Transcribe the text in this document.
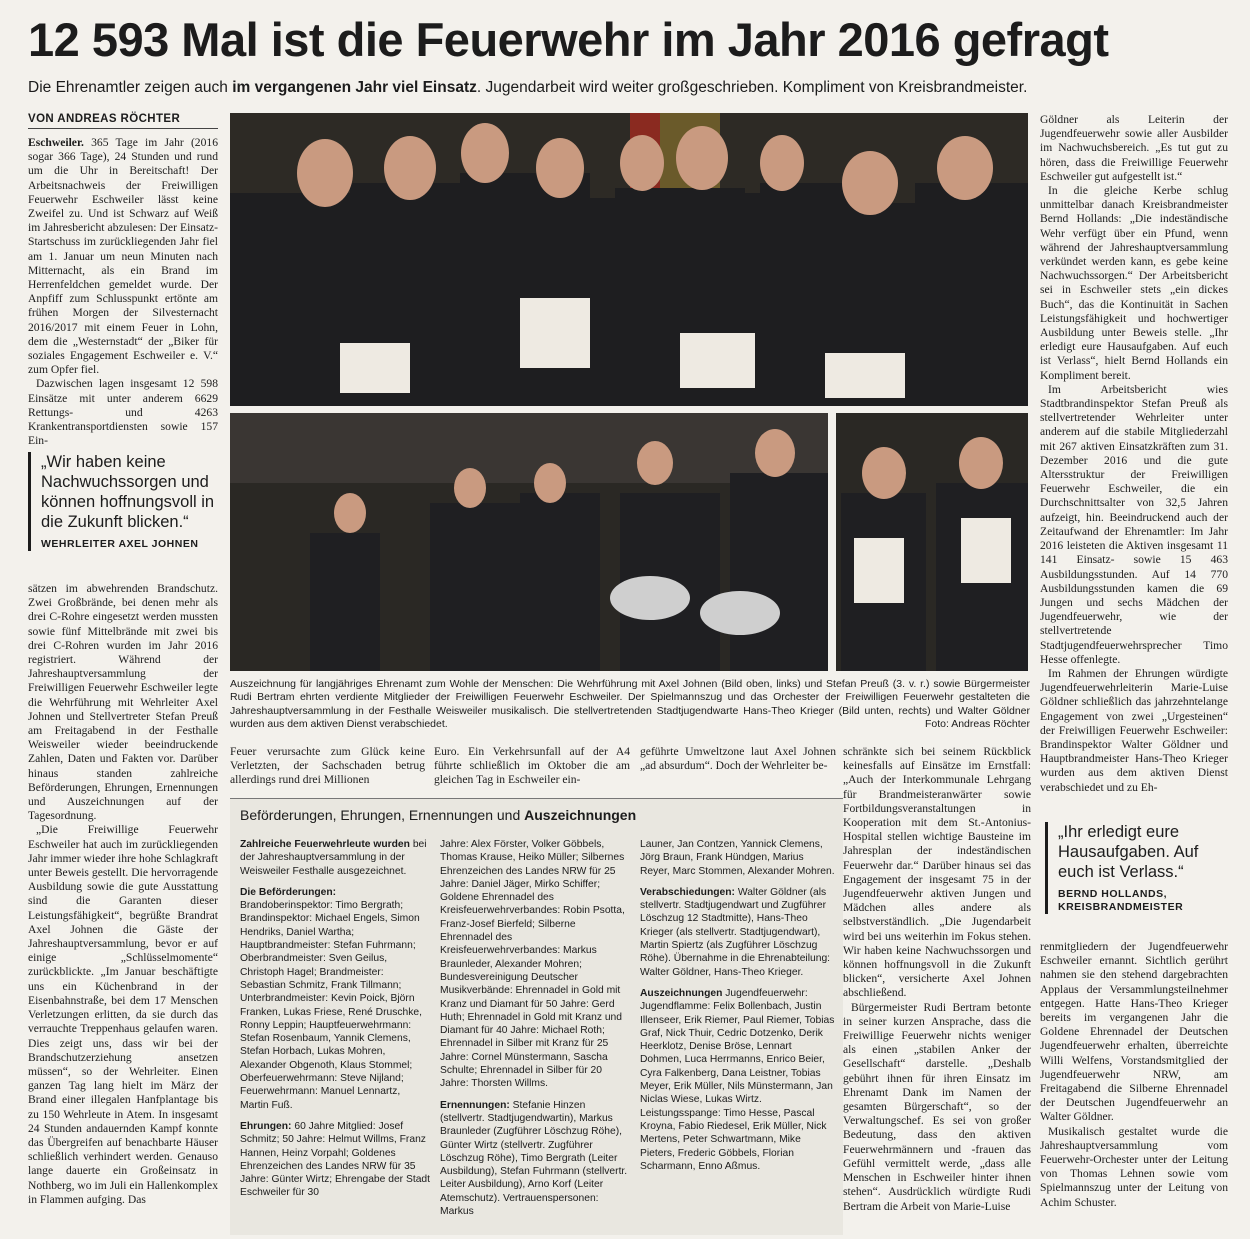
12 593 Mal ist die Feuerwehr im Jahr 2016 gefragt
Die Ehrenamtler zeigen auch im vergangenen Jahr viel Einsatz. Jugendarbeit wird weiter großgeschrieben. Kompliment von Kreisbrandmeister.
VON ANDREAS RÖCHTER

Eschweiler. 365 Tage im Jahr (2016 sogar 366 Tage), 24 Stunden und rund um die Uhr in Bereitschaft! Der Arbeitsnachweis der Freiwilligen Feuerwehr Eschweiler lässt keine Zweifel zu. Und ist Schwarz auf Weiß im Jahresbericht abzulesen: Der Einsatz-Startschuss im zurückliegenden Jahr fiel am 1. Januar um neun Minuten nach Mitternacht, als ein Brand im Herrenfeldchen gemeldet wurde. Der Anpfiff zum Schlusspunkt ertönte am frühen Morgen der Silvesternacht 2016/2017 mit einem Feuer in Lohn, dem die „Westernstadt“ der „Biker für soziales Engagement Eschweiler e. V.“ zum Opfer fiel.

Dazwischen lagen insgesamt 12 598 Einsätze mit unter anderem 6629 Rettungs- und 4263 Krankentransportdiensten sowie 157 Ein-

„Wir haben keine Nachwuchssorgen und können hoffnungsvoll in die Zukunft blicken.“
WEHRLEITER AXEL JOHNEN

sätzen im abwehrenden Brandschutz. Zwei Großbrände, bei denen mehr als drei C-Rohre eingesetzt werden mussten sowie fünf Mittelbrände mit zwei bis drei C-Rohren wurden im Jahr 2016 registriert. Während der Jahreshauptversammlung der Freiwilligen Feuerwehr Eschweiler legte die Wehrführung mit Wehrleiter Axel Johnen und Stellvertreter Stefan Preuß am Freitagabend in der Festhalle Weisweiler wieder beeindruckende Zahlen, Daten und Fakten vor. Darüber hinaus standen zahlreiche Beförderungen, Ehrungen, Ernennungen und Auszeichnungen auf der Tagesordnung.

„Die Freiwillige Feuerwehr Eschweiler hat auch im zurückliegenden Jahr immer wieder ihre hohe Schlagkraft unter Beweis gestellt. Die hervorragende Ausbildung sowie die gute Ausstattung sind die Garanten dieser Leistungsfähigkeit“, begrüßte Brandrat Axel Johnen die Gäste der Jahreshauptversammlung, bevor er auf einige „Schlüsselmomente“ zurückblickte. „Im Januar beschäftigte uns ein Küchenbrand in der Eisenbahnstraße, bei dem 17 Menschen Verletzungen erlitten, da sie durch das verrauchte Treppenhaus gelaufen waren. Dies zeigt uns, dass wir bei der Brandschutzerziehung ansetzen müssen“, so der Wehrleiter. Einen ganzen Tag lang hielt im März der Brand einer illegalen Hanfplantage bis zu 150 Wehrleute in Atem. In insgesamt 24 Stunden andauernden Kampf konnte das Übergreifen auf benachbarte Häuser schließlich verhindert werden. Genauso lange dauerte ein Großeinsatz in Nothberg, wo im Juli ein Hallenkomplex in Flammen aufging. Das

Auszeichnung für langjähriges Ehrenamt zum Wohle der Menschen: Die Wehrführung mit Axel Johnen (Bild oben, links) und Stefan Preuß (3. v. r.) sowie Bürgermeister Rudi Bertram ehrten verdiente Mitglieder der Freiwilligen Feuerwehr Eschweiler. Der Spielmannszug und das Orchester der Freiwilligen Feuerwehr gestalteten die Jahreshauptversammlung in der Festhalle Weisweiler musikalisch. Die stellvertretenden Stadtjugendwarte Hans-Theo Krieger (Bild unten, rechts) und Walter Göldner wurden aus dem aktiven Dienst verabschiedet.	Foto: Andreas Röchter
Feuer verursachte zum Glück keine Verletzten, der Sachschaden betrug allerdings rund drei Millionen
Euro. Ein Verkehrsunfall auf der A4 führte schließlich im Oktober die am gleichen Tag in Eschweiler ein-
geführte Umweltzone laut Axel Johnen „ad absurdum“. Doch der Wehrleiter be-
Beförderungen, Ehrungen, Ernennungen und Auszeichnungen

Zahlreiche Feuerwehrleute wurden bei der Jahreshauptversammlung in der Weisweiler Festhalle ausgezeichnet.

Die Beförderungen: Brandoberinspektor: Timo Bergrath; Brandinspektor: Michael Engels, Simon Hendriks, Daniel Wartha; Hauptbrandmeister: Stefan Fuhrmann; Oberbrandmeister: Sven Geilus, Christoph Hagel; Brandmeister: Sebastian Schmitz, Frank Tillmann; Unterbrandmeister: Kevin Poick, Björn Franken, Lukas Friese, René Druschke, Ronny Leppin; Hauptfeuerwehrmann: Stefan Rosenbaum, Yannik Clemens, Stefan Horbach, Lukas Mohren, Alexander Obgenoth, Klaus Stommel; Oberfeuerwehrmann: Steve Nijland; Feuerwehrmann: Manuel Lennartz, Martin Fuß.

Ehrungen: 60 Jahre Mitglied: Josef Schmitz; 50 Jahre: Helmut Willms, Franz Hannen, Heinz Vorpahl; Goldenes Ehrenzeichen des Landes NRW für 35 Jahre: Günter Wirtz; Ehrengabe der Stadt Eschweiler für 30

Jahre: Alex Förster, Volker Göbbels, Thomas Krause, Heiko Müller; Silbernes Ehrenzeichen des Landes NRW für 25 Jahre: Daniel Jäger, Mirko Schiffer; Goldene Ehrennadel des Kreisfeuerwehrverbandes: Robin Psotta, Franz-Josef Bierfeld; Silberne Ehrennadel des Kreisfeuerwehrverbandes: Markus Braunleder, Alexander Mohren; Bundesvereinigung Deutscher Musikverbände: Ehrennadel in Gold mit Kranz und Diamant für 50 Jahre: Gerd Huth; Ehrennadel in Gold mit Kranz und Diamant für 40 Jahre: Michael Roth; Ehrennadel in Silber mit Kranz für 25 Jahre: Cornel Münstermann, Sascha Schulte; Ehrennadel in Silber für 20 Jahre: Thorsten Willms.

Ernennungen: Stefanie Hinzen (stellvertr. Stadtjugendwartin), Markus Braunleder (Zugführer Löschzug Röhe), Günter Wirtz (stellvertr. Zugführer Löschzug Röhe), Timo Bergrath (Leiter Ausbildung), Stefan Fuhrmann (stellvertr. Leiter Ausbildung), Arno Korf (Leiter Atemschutz). Vertrauenspersonen: Markus

Launer, Jan Contzen, Yannick Clemens, Jörg Braun, Frank Hündgen, Marius Reyer, Marc Stommen, Alexander Mohren.

Verabschiedungen: Walter Göldner (als stellvertr. Stadtjugendwart und Zugführer Löschzug 12 Stadtmitte), Hans-Theo Krieger (als stellvertr. Stadtjugendwart), Martin Spiertz (als Zugführer Löschzug Röhe). Übernahme in die Ehrenabteilung: Walter Göldner, Hans-Theo Krieger.

Auszeichnungen Jugendfeuerwehr: Jugendflamme: Felix Bollenbach, Justin Illenseer, Erik Riemer, Paul Riemer, Tobias Graf, Nick Thuir, Cedric Dotzenko, Derik Heerklotz, Denise Bröse, Lennart Dohmen, Luca Herrmanns, Enrico Beier, Cyra Falkenberg, Dana Leistner, Tobias Meyer, Erik Müller, Nils Münstermann, Jan Niclas Wiese, Lukas Wirtz. Leistungsspange: Timo Hesse, Pascal Kroyna, Fabio Riedesel, Erik Müller, Nick Mertens, Peter Schwartmann, Mike Pieters, Frederic Göbbels, Florian Scharmann, Enno Aßmus.

schränkte sich bei seinem Rückblick keinesfalls auf Einsätze im Ernstfall: „Auch der Interkommunale Lehrgang für Brandmeisteranwärter sowie Fortbildungsveranstaltungen in Kooperation mit dem St.-Antonius-Hospital stellen wichtige Bausteine im Jahresplan der indeständischen Feuerwehr dar.“ Darüber hinaus sei das Engagement der insgesamt 75 in der Jugendfeuerwehr aktiven Jungen und Mädchen alles andere als selbstverständlich. „Die Jugendarbeit wird bei uns weiterhin im Fokus stehen. Wir haben keine Nachwuchssorgen und können hoffnungsvoll in die Zukunft blicken“, versicherte Axel Johnen abschließend.

Bürgermeister Rudi Bertram betonte in seiner kurzen Ansprache, dass die Freiwillige Feuerwehr nichts weniger als einen „stabilen Anker der Gesellschaft“ darstelle. „Deshalb gebührt ihnen für ihren Einsatz im Ehrenamt Dank im Namen der gesamten Bürgerschaft“, so der Verwaltungschef. Es sei von großer Bedeutung, dass den aktiven Feuerwehrmännern und -frauen das Gefühl vermittelt werde, „dass alle Menschen in Eschweiler hinter ihnen stehen“. Ausdrücklich würdigte Rudi Bertram die Arbeit von Marie-Luise

Göldner als Leiterin der Jugendfeuerwehr sowie aller Ausbilder im Nachwuchsbereich. „Es tut gut zu hören, dass die Freiwillige Feuerwehr Eschweiler gut aufgestellt ist.“

In die gleiche Kerbe schlug unmittelbar danach Kreisbrandmeister Bernd Hollands: „Die indeständische Wehr verfügt über ein Pfund, wenn während der Jahreshauptversammlung verkündet werden kann, es gebe keine Nachwuchssorgen.“ Der Arbeitsbericht sei in Eschweiler stets „ein dickes Buch“, das die Kontinuität in Sachen Leistungsfähigkeit und hochwertiger Ausbildung unter Beweis stelle. „Ihr erledigt eure Hausaufgaben. Auf euch ist Verlass“, hielt Bernd Hollands ein Kompliment bereit.

Im Arbeitsbericht wies Stadtbrandinspektor Stefan Preuß als stellvertretender Wehrleiter unter anderem auf die stabile Mitgliederzahl mit 267 aktiven Einsatzkräften zum 31. Dezember 2016 und die gute Altersstruktur der Freiwilligen Feuerwehr Eschweiler, die ein Durchschnittsalter von 32,5 Jahren aufzeigt, hin. Beeindruckend auch der Zeitaufwand der Ehrenamtler: Im Jahr 2016 leisteten die Aktiven insgesamt 11 141 Einsatz- sowie 15 463 Ausbildungsstunden. Auf 14 770 Ausbildungsstunden kamen die 69 Jungen und sechs Mädchen der Jugendfeuerwehr, wie der stellvertretende Stadtjugendfeuerwehrsprecher Timo Hesse offenlegte.

Im Rahmen der Ehrungen würdigte Jugendfeuerwehrleiterin Marie-Luise Göldner schließlich das jahrzehntelange Engagement von zwei „Urgesteinen“ der Freiwilligen Feuerwehr Eschweiler: Brandinspektor Walter Göldner und Hauptbrandmeister Hans-Theo Krieger wurden aus dem aktiven Dienst verabschiedet und zu Eh-

„Ihr erledigt eure Hausaufgaben. Auf euch ist Verlass.“
BERND HOLLANDS,
KREISBRANDMEISTER

renmitgliedern der Jugendfeuerwehr Eschweiler ernannt. Sichtlich gerührt nahmen sie den stehend dargebrachten Applaus der Versammlungsteilnehmer entgegen. Hatte Hans-Theo Krieger bereits im vergangenen Jahr die Goldene Ehrennadel der Deutschen Jugendfeuerwehr erhalten, überreichte Willi Welfens, Vorstandsmitglied der Jugendfeuerwehr NRW, am Freitagabend die Silberne Ehrennadel der Deutschen Jugendfeuerwehr an Walter Göldner.

Musikalisch gestaltet wurde die Jahreshauptversammlung vom Feuerwehr-Orchester unter der Leitung von Thomas Lehnen sowie vom Spielmannszug unter der Leitung von Achim Schuster.
